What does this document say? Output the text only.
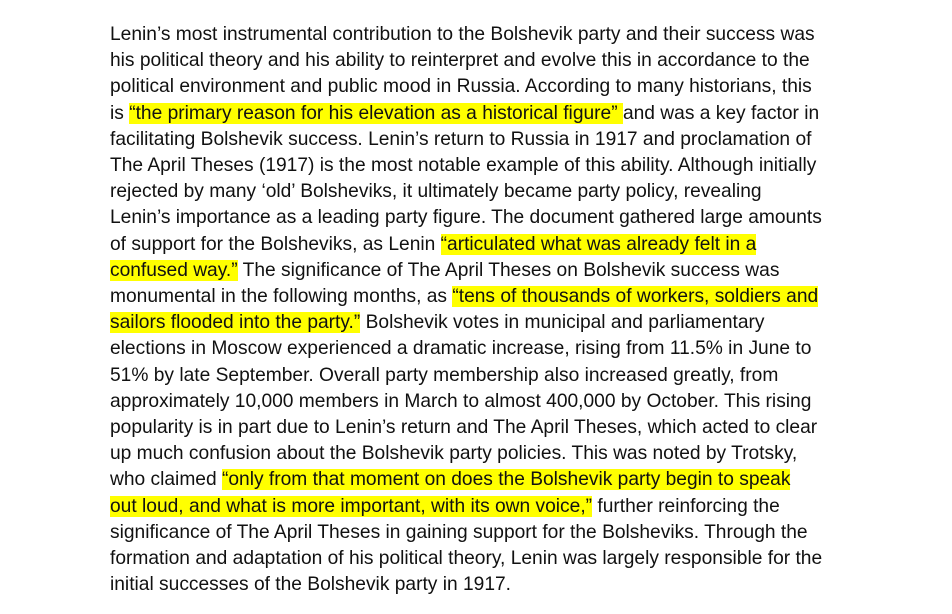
Lenin’s most instrumental contribution to the Bolshevik party and their success was
his political theory and his ability to reinterpret and evolve this in accordance to the
political environment and public mood in Russia. According to many historians, this
is “the primary reason for his elevation as a historical figure” and was a key factor in
facilitating Bolshevik success. Lenin’s return to Russia in 1917 and proclamation of
The April Theses (1917) is the most notable example of this ability. Although initially
rejected by many ‘old’ Bolsheviks, it ultimately became party policy, revealing
Lenin’s importance as a leading party figure. The document gathered large amounts
of support for the Bolsheviks, as Lenin “articulated what was already felt in a
confused way.” The significance of The April Theses on Bolshevik success was
monumental in the following months, as “tens of thousands of workers, soldiers and
sailors flooded into the party.” Bolshevik votes in municipal and parliamentary
elections in Moscow experienced a dramatic increase, rising from 11.5% in June to
51% by late September. Overall party membership also increased greatly, from
approximately 10,000 members in March to almost 400,000 by October. This rising
popularity is in part due to Lenin’s return and The April Theses, which acted to clear
up much confusion about the Bolshevik party policies. This was noted by Trotsky,
who claimed “only from that moment on does the Bolshevik party begin to speak
out loud, and what is more important, with its own voice,” further reinforcing the
significance of The April Theses in gaining support for the Bolsheviks. Through the
formation and adaptation of his political theory, Lenin was largely responsible for the
initial successes of the Bolshevik party in 1917.
